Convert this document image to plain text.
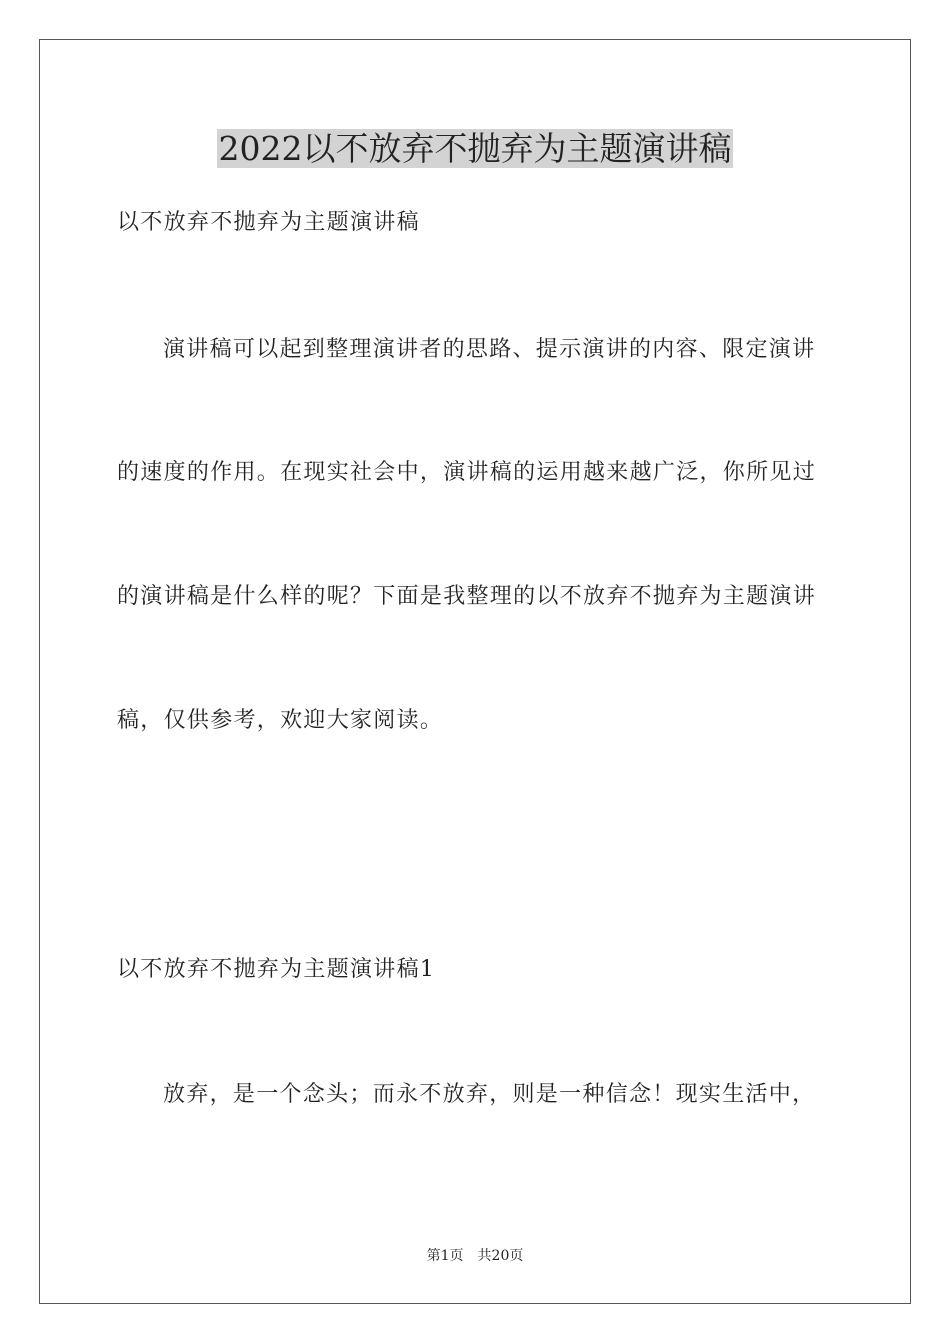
2022以不放弃不抛弃为主题演讲稿
以不放弃不抛弃为主题演讲稿
演讲稿可以起到整理演讲者的思路、提示演讲的内容、限定演讲
的速度的作用。在现实社会中，演讲稿的运用越来越广泛，你所见过
的演讲稿是什么样的呢？下面是我整理的以不放弃不抛弃为主题演讲
稿，仅供参考，欢迎大家阅读。
以不放弃不抛弃为主题演讲稿1
放弃，是一个念头；而永不放弃，则是一种信念！现实生活中，
第1页 共20页
